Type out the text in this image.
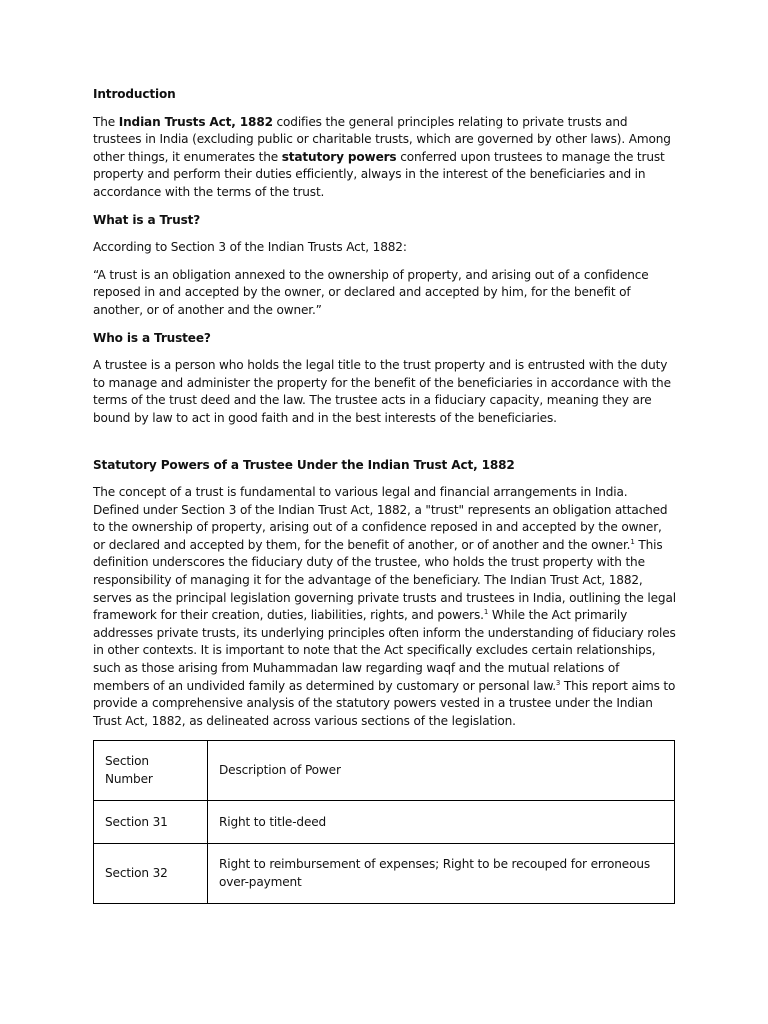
Introduction

The Indian Trusts Act, 1882 codifies the general principles relating to private trusts and trustees in India (excluding public or charitable trusts, which are governed by other laws). Among other things, it enumerates the statutory powers conferred upon trustees to manage the trust property and perform their duties efficiently, always in the interest of the beneficiaries and in accordance with the terms of the trust.

What is a Trust?

According to Section 3 of the Indian Trusts Act, 1882:

“A trust is an obligation annexed to the ownership of property, and arising out of a confidence reposed in and accepted by the owner, or declared and accepted by him, for the benefit of another, or of another and the owner.”

Who is a Trustee?

A trustee is a person who holds the legal title to the trust property and is entrusted with the duty to manage and administer the property for the benefit of the beneficiaries in accordance with the terms of the trust deed and the law. The trustee acts in a fiduciary capacity, meaning they are bound by law to act in good faith and in the best interests of the beneficiaries.

Statutory Powers of a Trustee Under the Indian Trust Act, 1882

The concept of a trust is fundamental to various legal and financial arrangements in India. Defined under Section 3 of the Indian Trust Act, 1882, a "trust" represents an obligation attached to the ownership of property, arising out of a confidence reposed in and accepted by the owner, or declared and accepted by them, for the benefit of another, or of another and the owner.$^1$ This definition underscores the fiduciary duty of the trustee, who holds the trust property with the responsibility of managing it for the advantage of the beneficiary. The Indian Trust Act, 1882, serves as the principal legislation governing private trusts and trustees in India, outlining the legal framework for their creation, duties, liabilities, rights, and powers.$^1$ While the Act primarily addresses private trusts, its underlying principles often inform the understanding of fiduciary roles in other contexts. It is important to note that the Act specifically excludes certain relationships, such as those arising from Muhammadan law regarding waqf and the mutual relations of members of an undivided family as determined by customary or personal law.$^3$ This report aims to provide a comprehensive analysis of the statutory powers vested in a trustee under the Indian Trust Act, 1882, as delineated across various sections of the legislation.

Section Number	Description of Power
Section 31	Right to title-deed
Section 32	Right to reimbursement of expenses; Right to be recouped for erroneous over-payment
